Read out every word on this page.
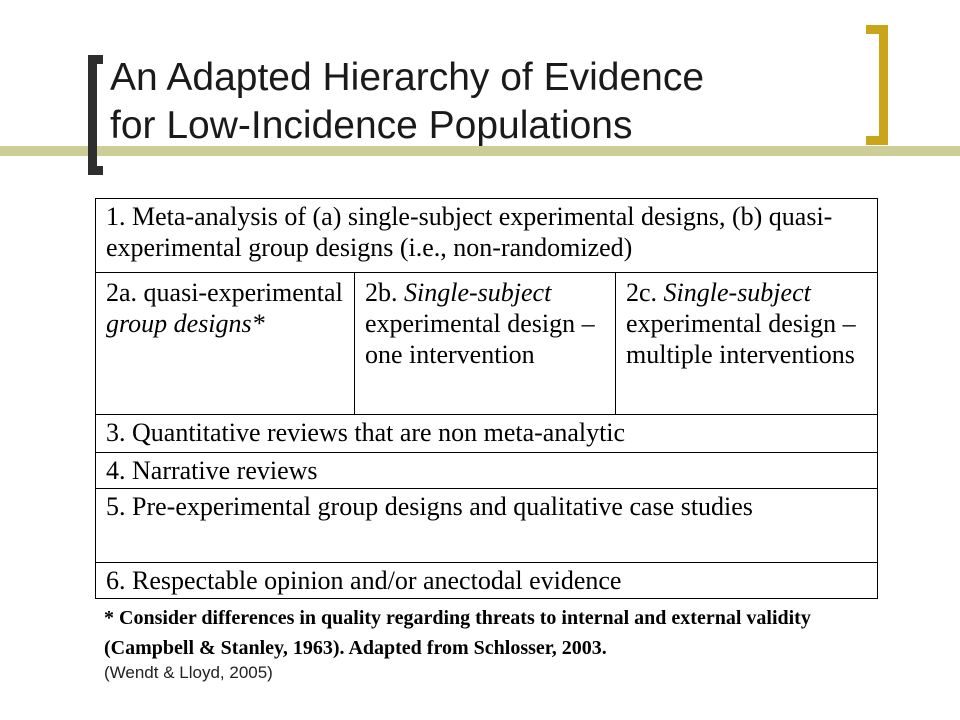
An Adapted Hierarchy of Evidence
for Low-Incidence Populations
1. Meta-analysis of (a) single-subject experimental designs, (b) quasi-experimental group designs (i.e., non-randomized)
2a. quasi-experimental
group designs*
2b. Single-subject experimental design – one intervention
2c. Single-subject experimental design – multiple interventions
3. Quantitative reviews that are non meta-analytic
4. Narrative reviews
5. Pre-experimental group designs and qualitative case studies
6. Respectable opinion and/or anectodal evidence
* Consider differences in quality regarding threats to internal and external validity (Campbell & Stanley, 1963). Adapted from Schlosser, 2003.
(Wendt & Lloyd, 2005)
